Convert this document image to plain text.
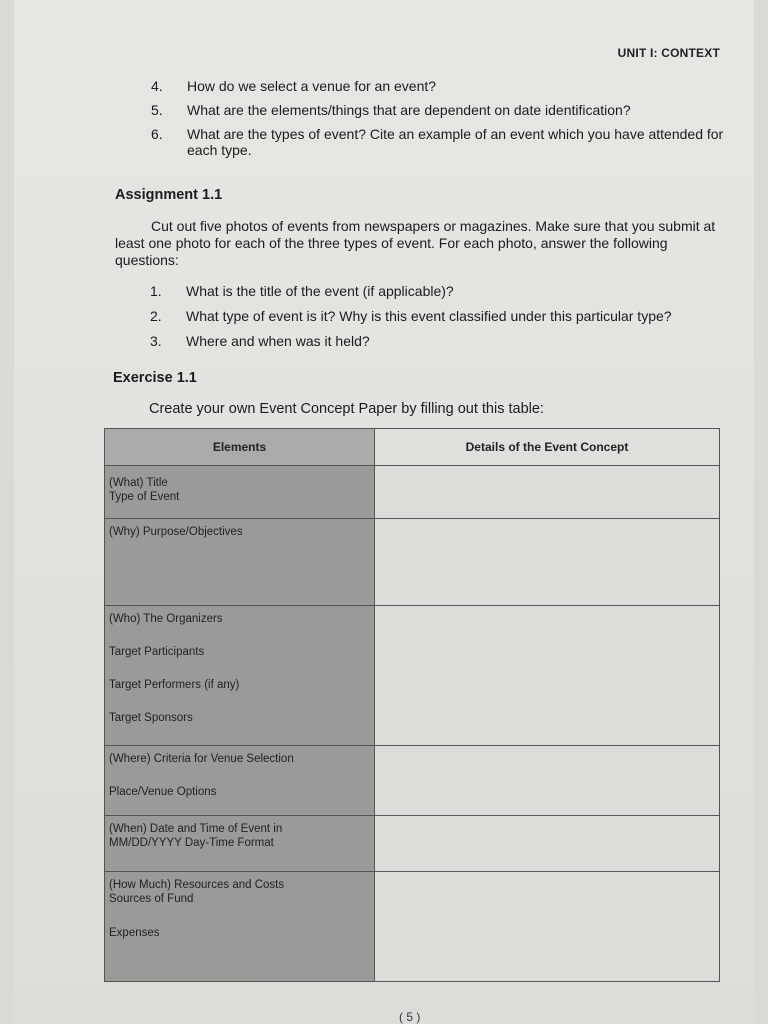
UNIT I: CONTEXT
4.	How do we select a venue for an event?
5.	What are the elements/things that are dependent on date identification?
6.	What are the types of event? Cite an example of an event which you have attended for each type.
Assignment 1.1

Cut out five photos of events from newspapers or magazines. Make sure that you submit at least one photo for each of the three types of event. For each photo, answer the following questions:

1.	What is the title of the event (if applicable)?
2.	What type of event is it? Why is this event classified under this particular type?
3.	Where and when was it held?
Exercise 1.1
Create your own Event Concept Paper by filling out this table:
Elements	Details of the Event Concept

(What) Title
Type of Event	

(Why) Purpose/Objectives	

(Who) The Organizers
Target Participants
Target Performers (if any)
Target Sponsors	

(Where) Criteria for Venue Selection
Place/Venue Options	

(When) Date and Time of Event in
MM/DD/YYYY Day-Time Format	

(How Much) Resources and Costs
Sources of Fund
Expenses	

( 5 )
